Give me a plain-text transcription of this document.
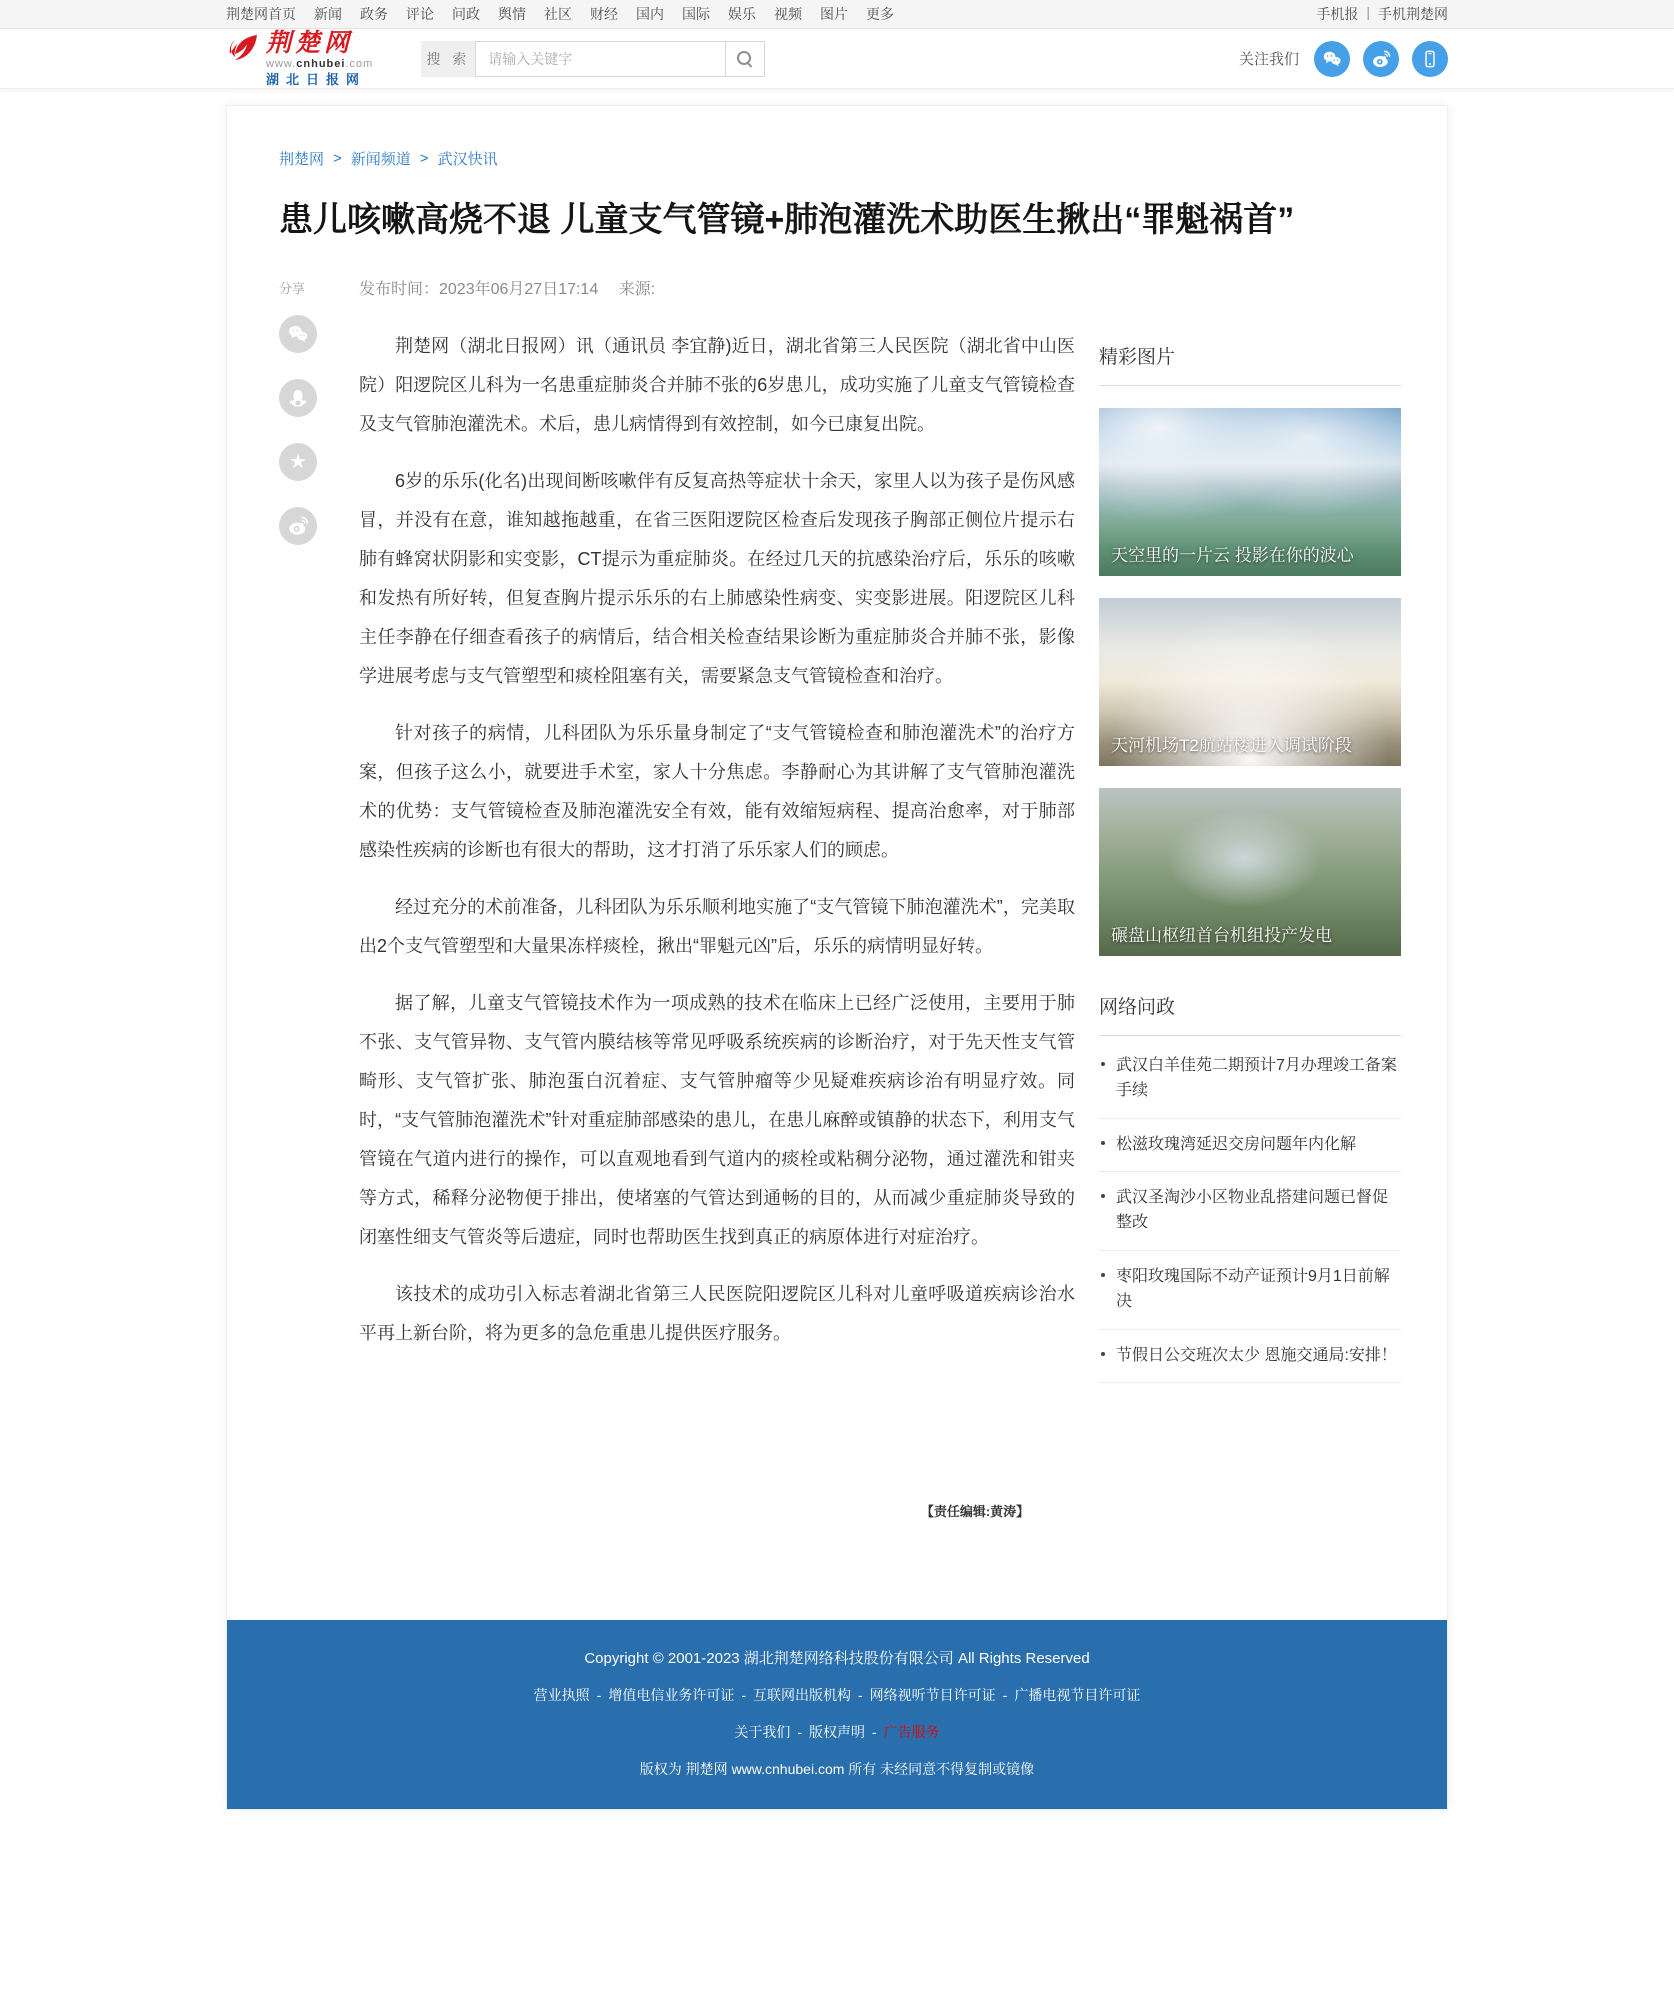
荆楚网首页 新闻 政务 评论 问政 舆情 社区 财经 国内 国际 娱乐 视频 图片 更多	手机报 | 手机荆楚网
荆楚网
www.cnhubei.com
湖北日报网
搜 索
请输入关键字	关注我们
荆楚网 > 新闻频道 > 武汉快讯
患儿咳嗽高烧不退 儿童支气管镜+肺泡灌洗术助医生揪出“罪魁祸首”
分享
★
发布时间：2023年06月27日17:14 来源:

荆楚网（湖北日报网）讯（通讯员 李宜静)近日，湖北省第三人民医院（湖北省中山医院）阳逻院区儿科为一名患重症肺炎合并肺不张的6岁患儿，成功实施了儿童支气管镜检查及支气管肺泡灌洗术。术后，患儿病情得到有效控制，如今已康复出院。

6岁的乐乐(化名)出现间断咳嗽伴有反复高热等症状十余天，家里人以为孩子是伤风感冒，并没有在意，谁知越拖越重，在省三医阳逻院区检查后发现孩子胸部正侧位片提示右肺有蜂窝状阴影和实变影，CT提示为重症肺炎。在经过几天的抗感染治疗后，乐乐的咳嗽和发热有所好转，但复查胸片提示乐乐的右上肺感染性病变、实变影进展。阳逻院区儿科主任李静在仔细查看孩子的病情后，结合相关检查结果诊断为重症肺炎合并肺不张，影像学进展考虑与支气管塑型和痰栓阻塞有关，需要紧急支气管镜检查和治疗。

针对孩子的病情，儿科团队为乐乐量身制定了“支气管镜检查和肺泡灌洗术”的治疗方案，但孩子这么小，就要进手术室，家人十分焦虑。李静耐心为其讲解了支气管肺泡灌洗术的优势：支气管镜检查及肺泡灌洗安全有效，能有效缩短病程、提高治愈率，对于肺部感染性疾病的诊断也有很大的帮助，这才打消了乐乐家人们的顾虑。

经过充分的术前准备，儿科团队为乐乐顺利地实施了“支气管镜下肺泡灌洗术”，完美取出2个支气管塑型和大量果冻样痰栓，揪出“罪魁元凶”后，乐乐的病情明显好转。

据了解，儿童支气管镜技术作为一项成熟的技术在临床上已经广泛使用，主要用于肺不张、支气管异物、支气管内膜结核等常见呼吸系统疾病的诊断治疗，对于先天性支气管畸形、支气管扩张、肺泡蛋白沉着症、支气管肿瘤等少见疑难疾病诊治有明显疗效。同时，“支气管肺泡灌洗术”针对重症肺部感染的患儿，在患儿麻醉或镇静的状态下，利用支气管镜在气道内进行的操作，可以直观地看到气道内的痰栓或粘稠分泌物，通过灌洗和钳夹等方式，稀释分泌物便于排出，使堵塞的气管达到通畅的目的，从而减少重症肺炎导致的闭塞性细支气管炎等后遗症，同时也帮助医生找到真正的病原体进行对症治疗。

该技术的成功引入标志着湖北省第三人民医院阳逻院区儿科对儿童呼吸道疾病诊治水平再上新台阶，将为更多的急危重患儿提供医疗服务。

精彩图片
天空里的一片云 投影在你的波心
天河机场T2航站楼进入调试阶段
碾盘山枢纽首台机组投产发电
网络问政
武汉白羊佳苑二期预计7月办理竣工备案手续
松滋玫瑰湾延迟交房问题年内化解
武汉圣淘沙小区物业乱搭建问题已督促整改
枣阳玫瑰国际不动产证预计9月1日前解决
节假日公交班次太少 恩施交通局:安排！
【责任编辑:黄涛】
Copyright © 2001-2023 湖北荆楚网络科技股份有限公司 All Rights Reserved
营业执照 - 增值电信业务许可证 - 互联网出版机构 - 网络视听节目许可证 - 广播电视节目许可证
关于我们 - 版权声明 - 广告服务
版权为 荆楚网 www.cnhubei.com 所有 未经同意不得复制或镜像
